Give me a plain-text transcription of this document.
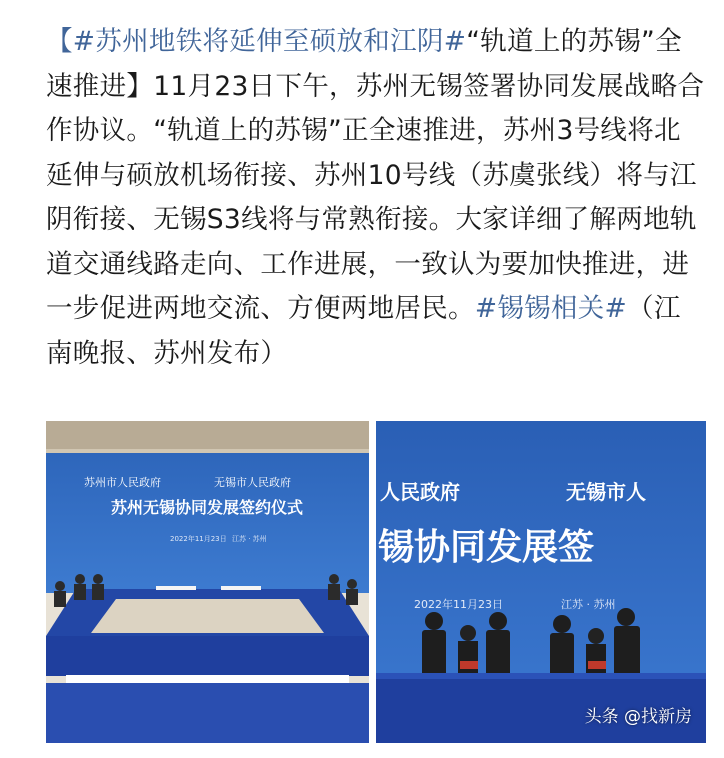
【#苏州地铁将延伸至硕放和江阴#“轨道上的苏锡”全速推进】11月23日下午，苏州无锡签署协同发展战略合作协议。“轨道上的苏锡”正全速推进，苏州3号线将北延伸与硕放机场衔接、苏州10号线（苏虞张线）将与江阴衔接、无锡S3线将与常熟衔接。大家详细了解两地轨道交通线路走向、工作进展，一致认为要加快推进，进一步促进两地交流、方便两地居民。#锡锡相关#（江南晚报、苏州发布）

苏州市人民政府	无锡市人民政府
苏州无锡协同发展签约仪式
2022年11月23日 江苏 · 苏州
人民政府	无锡市人
锡协同发展签
2022年11月23日	江苏 · 苏州
头条 @找新房
